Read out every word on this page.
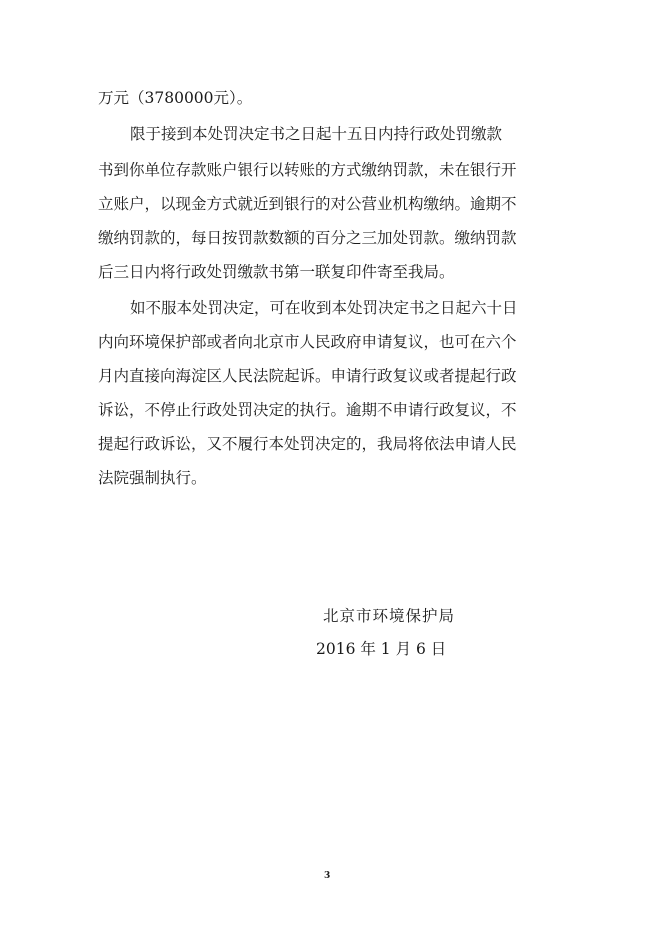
万元（3780000元）。
限于接到本处罚决定书之日起十五日内持行政处罚缴款
书到你单位存款账户银行以转账的方式缴纳罚款，未在银行开
立账户，以现金方式就近到银行的对公营业机构缴纳。逾期不
缴纳罚款的，每日按罚款数额的百分之三加处罚款。缴纳罚款
后三日内将行政处罚缴款书第一联复印件寄至我局。
如不服本处罚决定，可在收到本处罚决定书之日起六十日
内向环境保护部或者向北京市人民政府申请复议，也可在六个
月内直接向海淀区人民法院起诉。申请行政复议或者提起行政
诉讼，不停止行政处罚决定的执行。逾期不申请行政复议，不
提起行政诉讼，又不履行本处罚决定的，我局将依法申请人民
法院强制执行。
北京市环境保护局
2016 年 1 月 6 日
3
